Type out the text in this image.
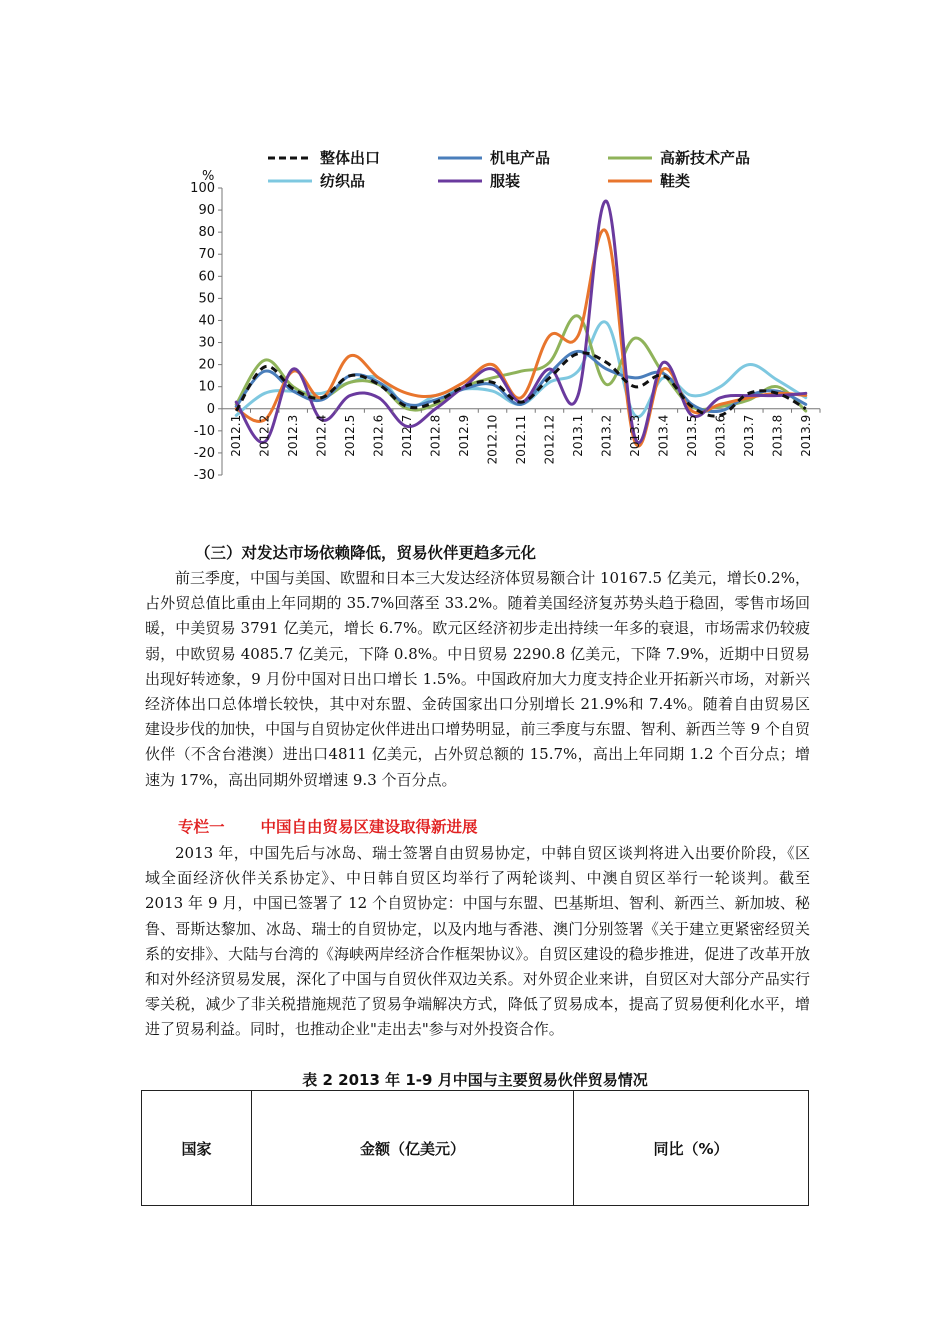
整体出口	机电产品	高新技术产品
纺织品	服装	鞋类
%
100
90
80
70
60
50
40
30
20
10
0
-10
-20
-30
2012.1 2012.2 2012.3 2012.4 2012.5 2012.6 2012.7 2012.8 2012.9 2012.10 2012.11 2012.12 2013.1 2013.2 2013.3 2013.4 2013.5 2013.6 2013.7 2013.8 2013.9
（三）对发达市场依赖降低，贸易伙伴更趋多元化

前三季度，中国与美国、欧盟和日本三大发达经济体贸易额合计 10167.5 亿美元，增长0.2%，占外贸总值比重由上年同期的 35.7%回落至 33.2%。随着美国经济复苏势头趋于稳固，零售市场回暖，中美贸易 3791 亿美元，增长 6.7%。欧元区经济初步走出持续一年多的衰退，市场需求仍较疲弱，中欧贸易 4085.7 亿美元，下降 0.8%。中日贸易 2290.8 亿美元，下降 7.9%，近期中日贸易出现好转迹象，9 月份中国对日出口增长 1.5%。中国政府加大力度支持企业开拓新兴市场，对新兴经济体出口总体增长较快，其中对东盟、金砖国家出口分别增长 21.9%和 7.4%。随着自由贸易区建设步伐的加快，中国与自贸协定伙伴进出口增势明显，前三季度与东盟、智利、新西兰等 9 个自贸伙伴（不含台港澳）进出口4811 亿美元，占外贸总额的 15.7%，高出上年同期 1.2 个百分点；增速为 17%，高出同期外贸增速 9.3 个百分点。

专栏一 中国自由贸易区建设取得新进展

2013 年，中国先后与冰岛、瑞士签署自由贸易协定，中韩自贸区谈判将进入出要价阶段，《区域全面经济伙伴关系协定》、中日韩自贸区均举行了两轮谈判、中澳自贸区举行一轮谈判。截至 2013 年 9 月，中国已签署了 12 个自贸协定：中国与东盟、巴基斯坦、智利、新西兰、新加坡、秘鲁、哥斯达黎加、冰岛、瑞士的自贸协定，以及内地与香港、澳门分别签署《关于建立更紧密经贸关系的安排》、大陆与台湾的《海峡两岸经济合作框架协议》。自贸区建设的稳步推进，促进了改革开放和对外经济贸易发展，深化了中国与自贸伙伴双边关系。对外贸企业来讲，自贸区对大部分产品实行零关税，减少了非关税措施规范了贸易争端解决方式，降低了贸易成本，提高了贸易便利化水平，增进了贸易利益。同时，也推动企业"走出去"参与对外投资合作。

表 2 2013 年 1-9 月中国与主要贸易伙伴贸易情况
国家	金额（亿美元）	同比（%）
